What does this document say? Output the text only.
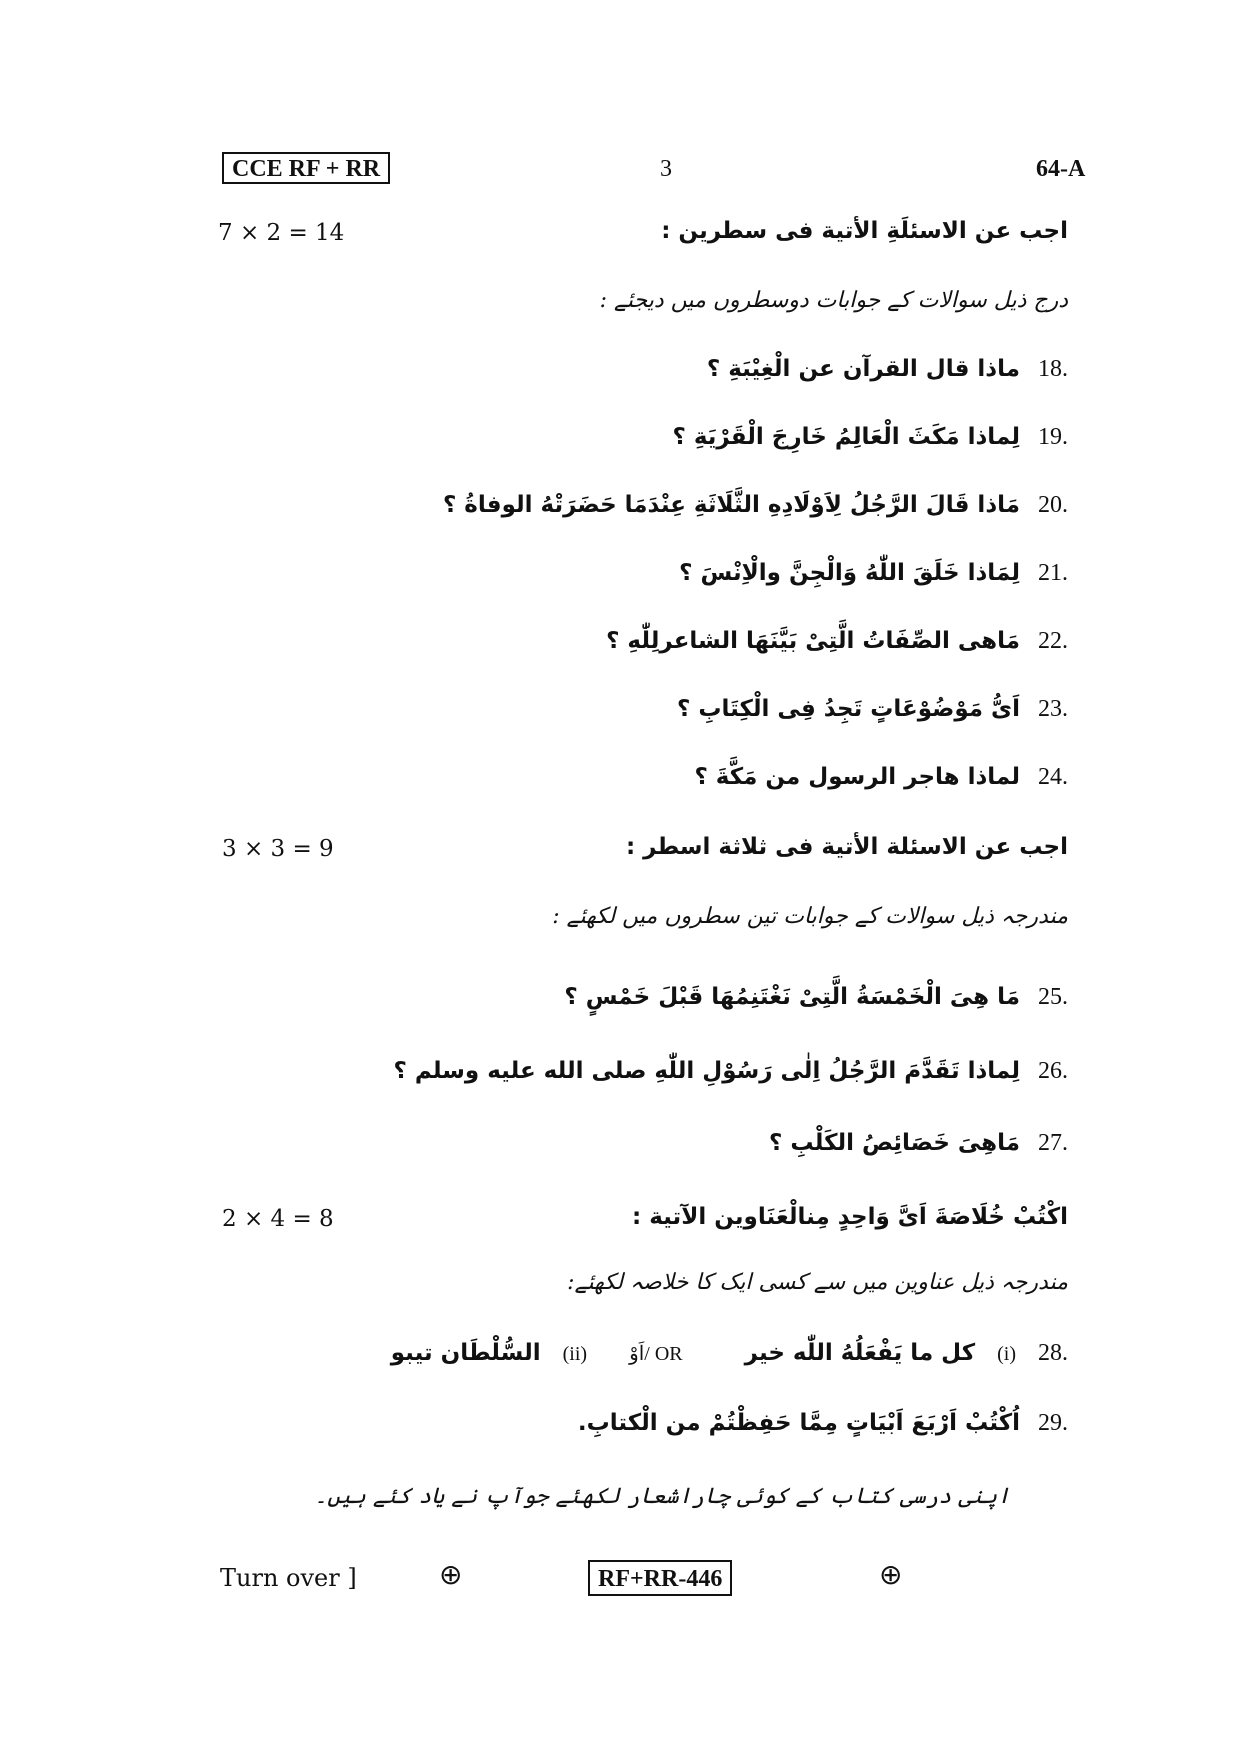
CCE RF + RR	3	64-A
7 × 2 = 14	اجب عن الاسئلَةِ الأتية فی سطرين :
درج ذیل سوالات کے جوابات دوسطروں میں دیجئے :
18.
ماذا قال القرآن عن الْغِيْبَةِ ؟
19.
لِماذا مَكَثَ الْعَالِمُ خَارِجَ الْقَرْيَةِ ؟
20.
مَاذا قَالَ الرَّجُلُ لِاَوْلَادِهِ الثَّلَاثَةِ عِنْدَمَا حَضَرَتْهُ الوفاةُ ؟
21.
لِمَاذا خَلَقَ اللّٰهُ وَالْجِنَّ والْاِنْسَ ؟
22.
مَاهى الصِّفَاتُ الَّتِىْ بَيَّنَهَا الشاعرلِلّٰهِ ؟
23.
اَىُّ مَوْضُوْعَاتٍ تَجِدُ فِى الْكِتَابِ ؟
24.
لماذا هاجر الرسول من مَكَّةَ ؟
3 × 3 = 9	اجب عن الاسئلة الأتية فی ثلاثة اسطر :
مندرجہ ذیل سوالات کے جوابات تین سطروں میں لکھئے :
25.
مَا هِىَ الْخَمْسَةُ الَّتِىْ نَغْتَنِمُهَا قَبْلَ خَمْسٍ ؟
26.
لِماذا تَقَدَّمَ الرَّجُلُ اِلٰى رَسُوْلِ اللّٰهِ صلى الله عليه وسلم ؟
27.
مَاهِىَ خَصَائِصُ الكَلْبِ ؟
2 × 4 = 8	اكْتُبْ خُلَاصَةَ اَىَّ وَاحِدٍ مِنالْعَنَاوين الآتية :
مندرجہ ذیل عناوین میں سے کسی ایک کا خلاصہ لکھئے:
28.
(i)
كل ما يَفْعَلُهُ اللّٰه خير
OR /اَوْ
(ii)
السُّلْطَان تيبو
29.
اُكْتُبْ اَرْبَعَ اَبْيَاتٍ مِمَّا حَفِظْتُمْ من الْكتابِ.
اپنی درسی کتاب کے کوئی چاراشعار لکھئے جوآپ نے یاد کئے ہیں۔
Turn over ]	⊕	RF+RR-446	⊕
